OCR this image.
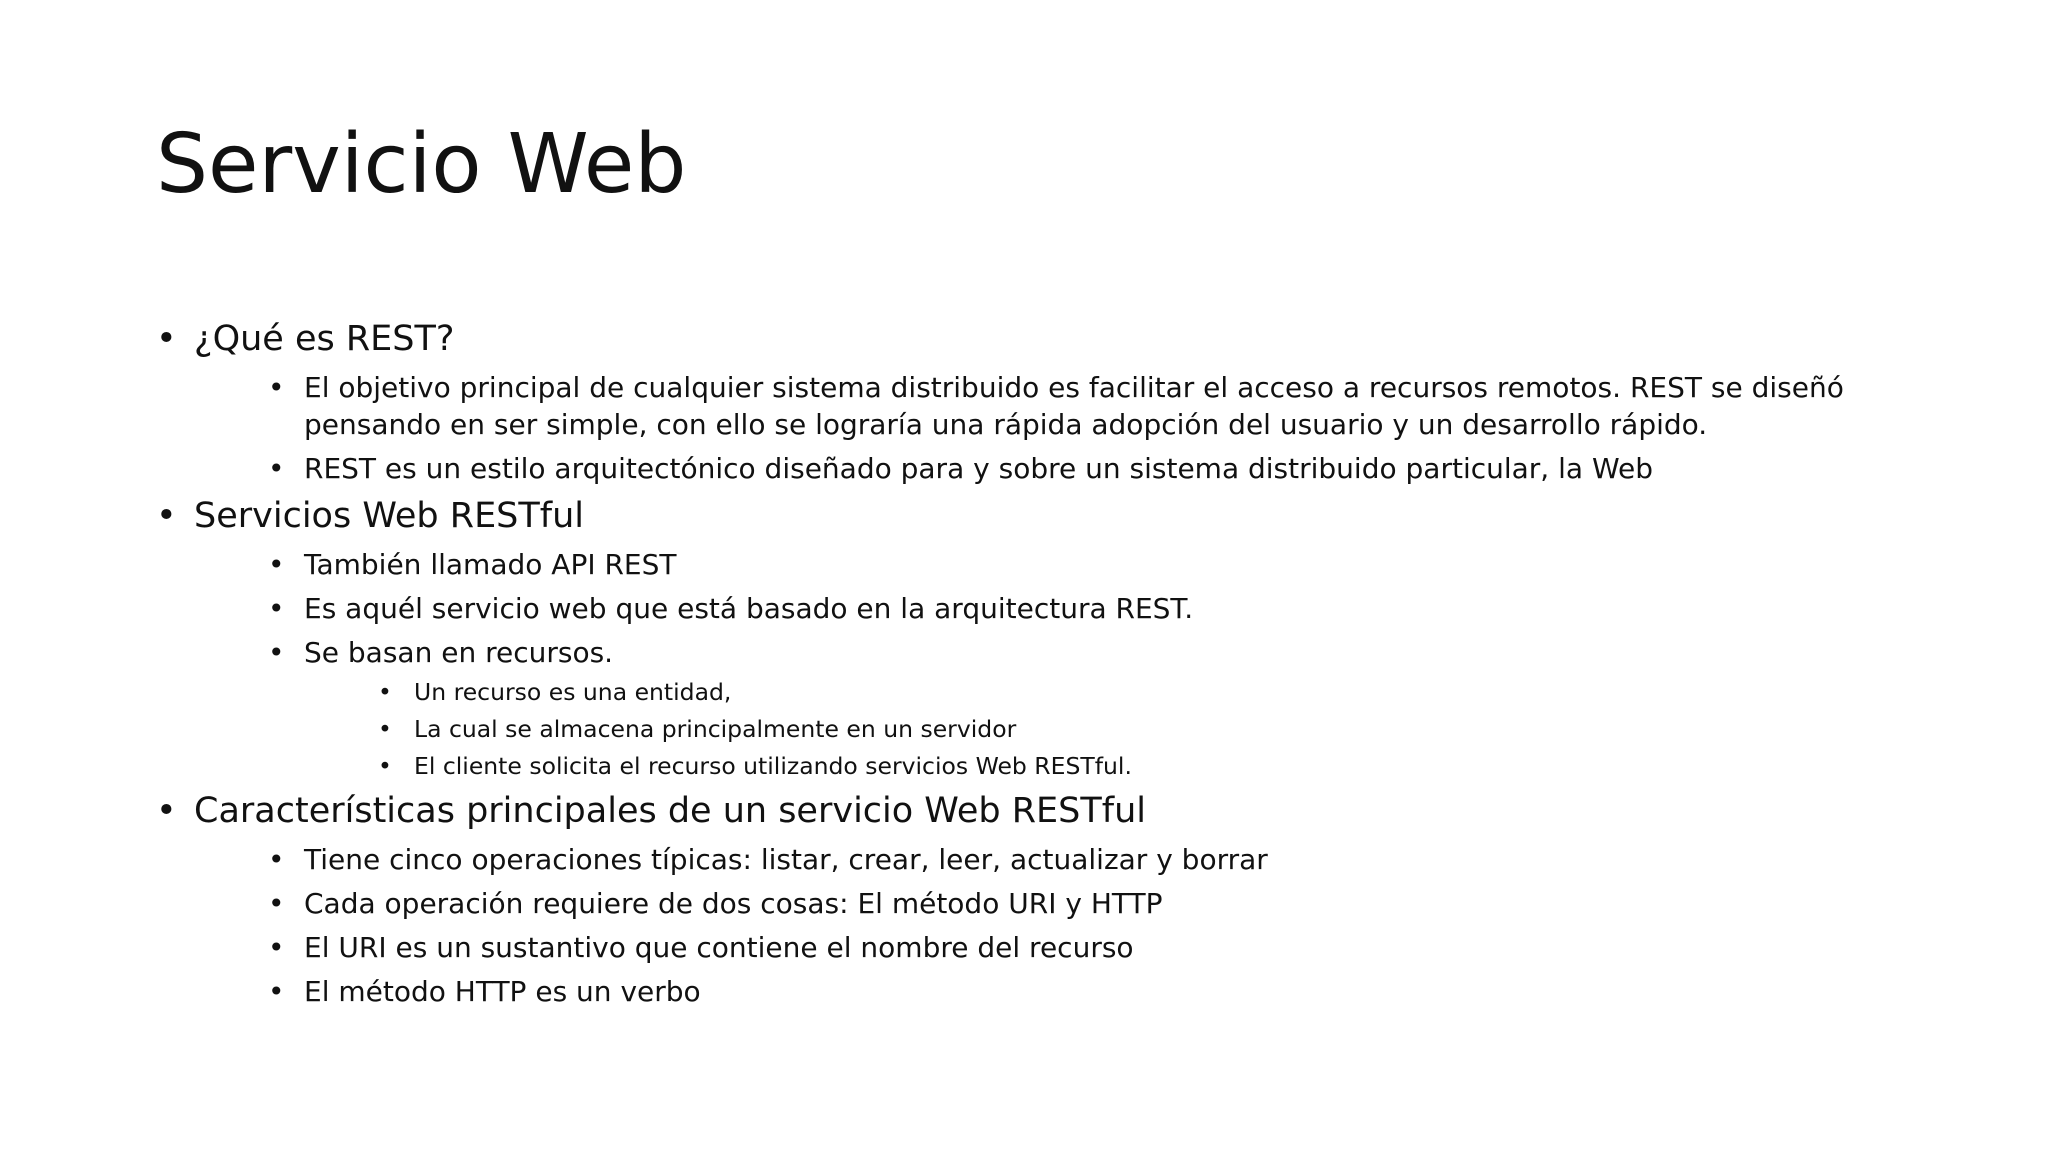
Servicio Web
• ¿Qué es REST?
• El objetivo principal de cualquier sistema distribuido es facilitar el acceso a recursos remotos. REST se diseñó pensando en ser simple, con ello se lograría una rápida adopción del usuario y un desarrollo rápido.
• REST es un estilo arquitectónico diseñado para y sobre un sistema distribuido particular, la Web
• Servicios Web RESTful
• También llamado API REST
• Es aquél servicio web que está basado en la arquitectura REST.
• Se basan en recursos.
• Un recurso es una entidad,
• La cual se almacena principalmente en un servidor
• El cliente solicita el recurso utilizando servicios Web RESTful.
• Características principales de un servicio Web RESTful
• Tiene cinco operaciones típicas: listar, crear, leer, actualizar y borrar
• Cada operación requiere de dos cosas: El método URI y HTTP
• El URI es un sustantivo que contiene el nombre del recurso
• El método HTTP es un verbo
